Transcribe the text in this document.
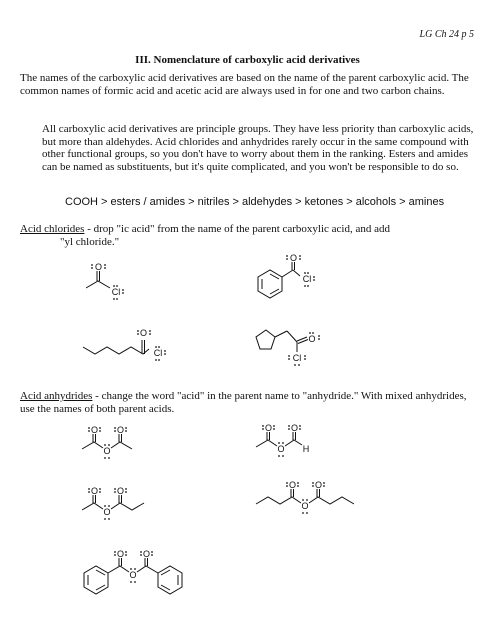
LG Ch 24 p 5
III. Nomenclature of carboxylic acid derivatives
The names of the carboxylic acid derivatives are based on the name of the parent carboxylic acid. The common names of formic acid and acetic acid are always used in for one and two carbon chains.
All carboxylic acid derivatives are principle groups. They have less priority than carboxylic acids, but more than aldehydes. Acid chlorides and anhydrides rarely occur in the same compound with other functional groups, so you don't have to worry about them in the ranking. Esters and amides can be named as substituents, but it's quite complicated, and you won't be responsible to do so.
COOH > esters / amides > nitriles > aldehydes > ketones > alcohols > amines
Acid chlorides - drop "ic acid" from the name of the parent carboxylic acid, and add
"yl chloride."
Acid anhydrides - change the word "acid" in the parent name to "anhydride." With mixed anhydrides, use the names of both parent acids.
O
Cl
O
Cl
O
Cl
O
Cl
O O
O
O O
O H
O O
O
O O
O
O O
O
